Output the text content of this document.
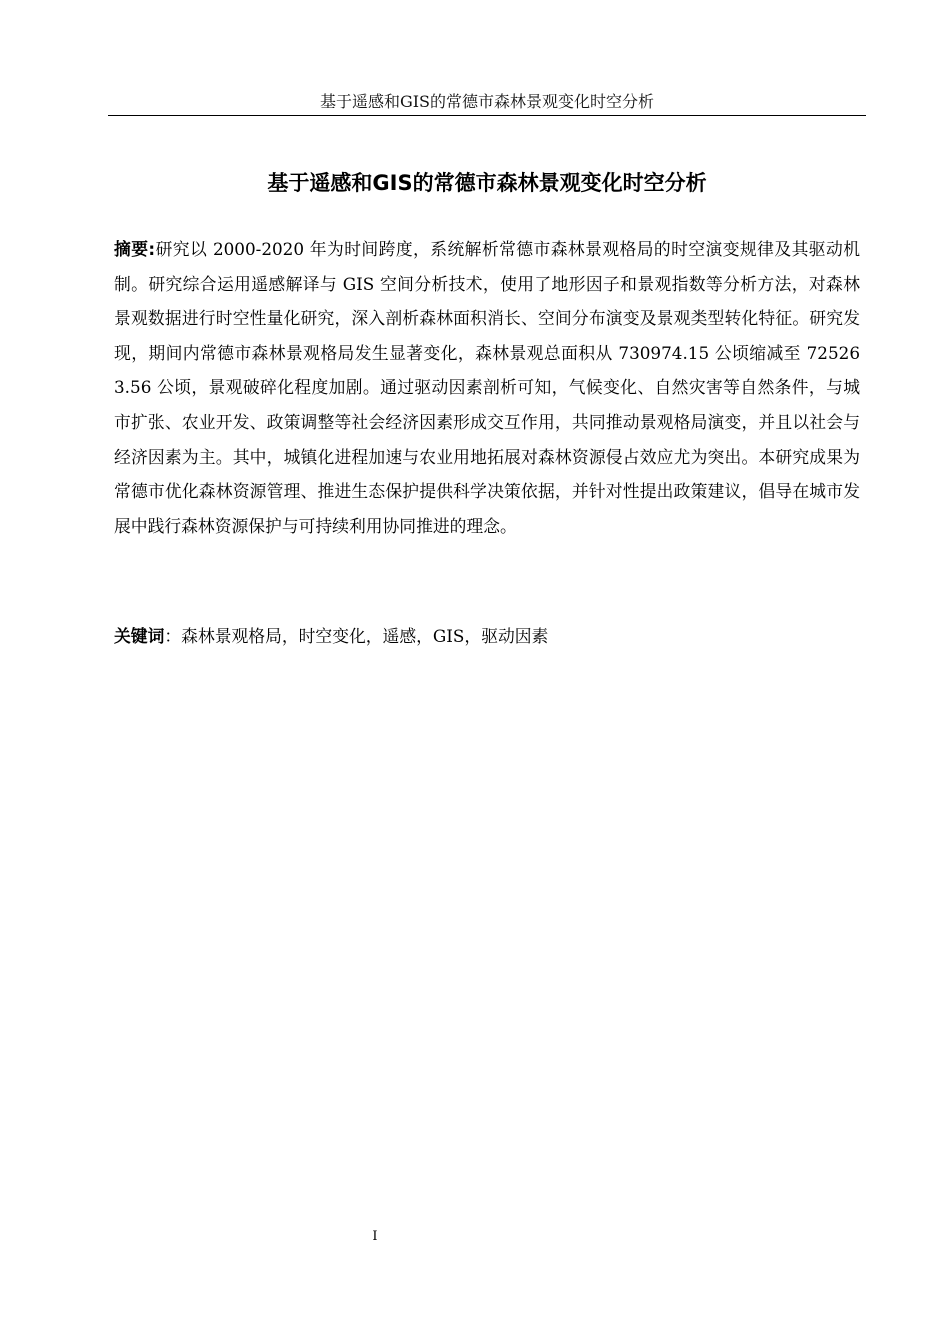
基于遥感和GIS的常德市森林景观变化时空分析
基于遥感和GIS的常德市森林景观变化时空分析

摘要:研究以 2000-2020 年为时间跨度，系统解析常德市森林景观格局的时空演变规律及其驱动机制。研究综合运用遥感解译与 GIS 空间分析技术，使用了地形因子和景观指数等分析方法，对森林景观数据进行时空性量化研究，深入剖析森林面积消长、空间分布演变及景观类型转化特征。研究发现，期间内常德市森林景观格局发生显著变化，森林景观总面积从 730974.15 公顷缩减至 725263.56 公顷，景观破碎化程度加剧。通过驱动因素剖析可知，气候变化、自然灾害等自然条件，与城市扩张、农业开发、政策调整等社会经济因素形成交互作用，共同推动景观格局演变，并且以社会与经济因素为主。其中，城镇化进程加速与农业用地拓展对森林资源侵占效应尤为突出。本研究成果为常德市优化森林资源管理、推进生态保护提供科学决策依据，并针对性提出政策建议，倡导在城市发展中践行森林资源保护与可持续利用协同推进的理念。

关键词：森林景观格局，时空变化，遥感，GIS，驱动因素

I
